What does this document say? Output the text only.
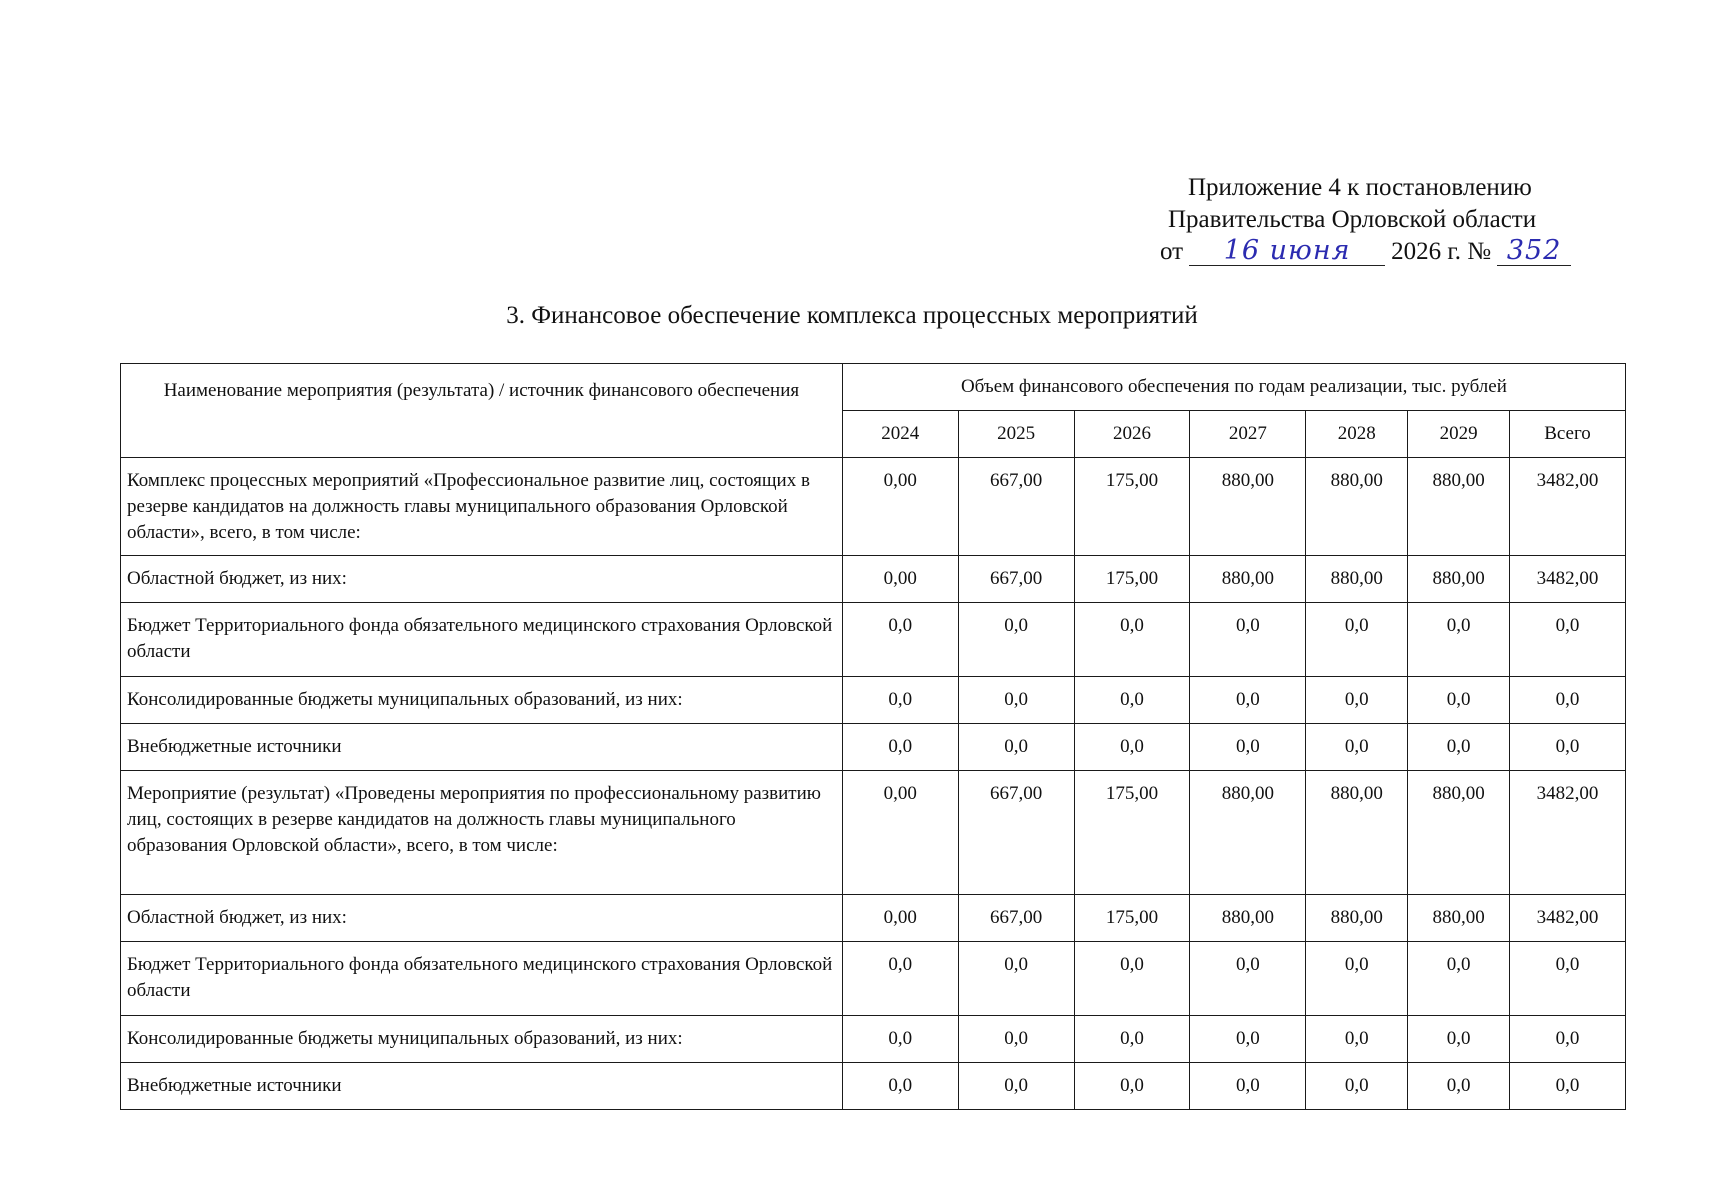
Приложение 4 к постановлению
Правительства Орловской области
от 16 июня 2026 г. № 352
3. Финансовое обеспечение комплекса процессных мероприятий
Наименование мероприятия (результата) / источник финансового обеспечения	Объем финансового обеспечения по годам реализации, тыс. рублей						
	2024	2025	2026	2027	2028	2029	Всего
Комплекс процессных мероприятий «Профессиональное развитие лиц, состоящих в резерве кандидатов на должность главы муниципального образования Орловской области», всего, в том числе:	0,00	667,00	175,00	880,00	880,00	880,00	3482,00
Областной бюджет, из них:	0,00	667,00	175,00	880,00	880,00	880,00	3482,00
Бюджет Территориального фонда обязательного медицинского страхования Орловской области	0,0	0,0	0,0	0,0	0,0	0,0	0,0
Консолидированные бюджеты муниципальных образований, из них:	0,0	0,0	0,0	0,0	0,0	0,0	0,0
Внебюджетные источники	0,0	0,0	0,0	0,0	0,0	0,0	0,0
Мероприятие (результат) «Проведены мероприятия по профессиональному развитию лиц, состоящих в резерве кандидатов на должность главы муниципального образования Орловской области», всего, в том числе:	0,00	667,00	175,00	880,00	880,00	880,00	3482,00
Областной бюджет, из них:	0,00	667,00	175,00	880,00	880,00	880,00	3482,00
Бюджет Территориального фонда обязательного медицинского страхования Орловской области	0,0	0,0	0,0	0,0	0,0	0,0	0,0
Консолидированные бюджеты муниципальных образований, из них:	0,0	0,0	0,0	0,0	0,0	0,0	0,0
Внебюджетные источники	0,0	0,0	0,0	0,0	0,0	0,0	0,0
